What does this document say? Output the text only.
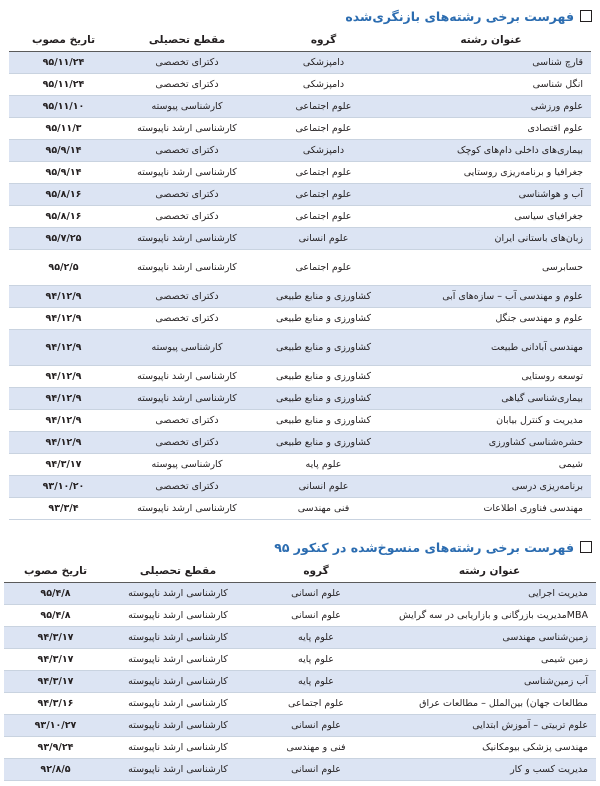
فهرست برخی رشته‌های بازنگری‌شده
عنوان رشته	گروه	مقطع تحصیلی	تاریخ مصوب
قارچ شناسی	دامپزشکی	دکترای تخصصی	۹۵/۱۱/۲۴
انگل شناسی	دامپزشکی	دکترای تخصصی	۹۵/۱۱/۲۴
علوم ورزشی	علوم اجتماعی	کارشناسی پیوسته	۹۵/۱۱/۱۰
علوم اقتصادی	علوم اجتماعی	کارشناسی ارشد ناپیوسته	۹۵/۱۱/۳
بیماری‌های داخلی دام‌های کوچک	دامپزشکی	دکترای تخصصی	۹۵/۹/۱۴
جغرافیا و برنامه‌ریزی روستایی	علوم اجتماعی	کارشناسی ارشد ناپیوسته	۹۵/۹/۱۴
آب و هواشناسی	علوم اجتماعی	دکترای تخصصی	۹۵/۸/۱۶
جغرافیای سیاسی	علوم اجتماعی	دکترای تخصصی	۹۵/۸/۱۶
زبان‌های باستانی ایران	علوم انسانی	کارشناسی ارشد ناپیوسته	۹۵/۷/۲۵
حسابرسی	علوم اجتماعی	کارشناسی ارشد ناپیوسته	۹۵/۲/۵
علوم و مهندسی آب – سازه‌های آبی	کشاورزی و منابع طبیعی	دکترای تخصصی	۹۴/۱۲/۹
علوم و مهندسی جنگل	کشاورزی و منابع طبیعی	دکترای تخصصی	۹۴/۱۲/۹
مهندسی آبادانی طبیعت	کشاورزی و منابع طبیعی	کارشناسی پیوسته	۹۴/۱۲/۹
توسعه روستایی	کشاورزی و منابع طبیعی	کارشناسی ارشد ناپیوسته	۹۴/۱۲/۹
بیماری‌شناسی گیاهی	کشاورزی و منابع طبیعی	کارشناسی ارشد ناپیوسته	۹۴/۱۲/۹
مدیریت و کنترل بیابان	کشاورزی و منابع طبیعی	دکترای تخصصی	۹۴/۱۲/۹
حشره‌شناسی کشاورزی	کشاورزی و منابع طبیعی	دکترای تخصصی	۹۴/۱۲/۹
شیمی	علوم پایه	کارشناسی پیوسته	۹۴/۳/۱۷
برنامه‌ریزی درسی	علوم انسانی	دکترای تخصصی	۹۳/۱۰/۲۰
مهندسی فناوری اطلاعات	فنی مهندسی	کارشناسی ارشد ناپیوسته	۹۳/۳/۴
فهرست برخی رشته‌های منسوخ‌شده در کنکور ۹۵
عنوان رشته	گروه	مقطع تحصیلی	تاریخ مصوب
مدیریت اجرایی	علوم انسانی	کارشناسی ارشد ناپیوسته	۹۵/۴/۸
MBAمدیریت بازرگانی و بازاریابی در سه گرایش	علوم انسانی	کارشناسی ارشد ناپیوسته	۹۵/۴/۸
زمین‌شناسی مهندسی	علوم پایه	کارشناسی ارشد ناپیوسته	۹۴/۳/۱۷
زمین شیمی	علوم پایه	کارشناسی ارشد ناپیوسته	۹۴/۳/۱۷
آب زمین‌شناسی	علوم پایه	کارشناسی ارشد ناپیوسته	۹۴/۳/۱۷
مطالعات جهان) بین‌الملل – مطالعات عراق	علوم اجتماعی	کارشناسی ارشد ناپیوسته	۹۴/۳/۱۶
علوم تربیتی – آموزش ابتدایی	علوم انسانی	کارشناسی ارشد ناپیوسته	۹۳/۱۰/۲۷
مهندسی پزشکی بیومکانیک	فنی و مهندسی	کارشناسی ارشد ناپیوسته	۹۳/۹/۲۴
مدیریت کسب و کار	علوم انسانی	کارشناسی ارشد ناپیوسته	۹۲/۸/۵
